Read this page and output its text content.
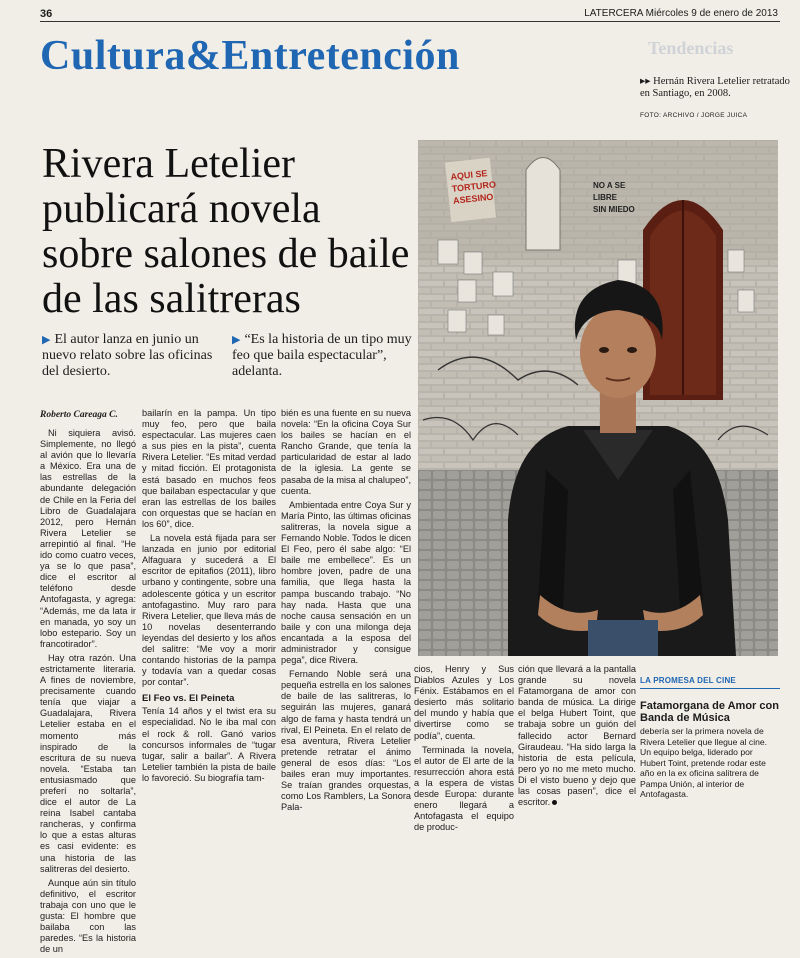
36	LATERCERA Miércoles 9 de enero de 2013
Cultura&Entretención	Tendencias
▸▸ Hernán Rivera Letelier retratado en Santiago, en 2008.
FOTO: ARCHIVO / JORGE JUICA
Rivera Letelier publicará novela sobre salones de baile de las salitreras
▶ El autor lanza en junio un nuevo relato sobre las oficinas del desierto.
▶ “Es la historia de un tipo muy feo que baila espectacular”, adelanta.
Roberto Careaga C.

Ni siquiera avisó. Simplemente, no llegó al avión que lo llevaría a México. Era una de las estrellas de la abundante delegación de Chile en la Feria del Libro de Guadalajara 2012, pero Hernán Rivera Letelier se arrepintió al final. “He ido como cuatro veces, ya se lo que pasa”, dice el escritor al teléfono desde Antofagasta, y agrega: “Además, me da lata ir en manada, yo soy un lobo estepario. Soy un francotirador”.

Hay otra razón. Una estrictamente literaria. A fines de noviembre, precisamente cuando tenía que viajar a Guadalajara, Rivera Letelier estaba en el momento más inspirado de la escritura de su nueva novela. “Estaba tan entusiasmado que preferí no soltarla”, dice el autor de La reina Isabel cantaba rancheras, y confirma lo que a estas alturas es casi evidente: es una historia de las salitreras del desierto.

Aunque aún sin título definitivo, el escritor trabaja con uno que le gusta: El hombre que bailaba con las paredes. “Es la historia de un

bailarín en la pampa. Un tipo muy feo, pero que baila espectacular. Las mujeres caen a sus pies en la pista”, cuenta Rivera Letelier. “Es mitad verdad y mitad ficción. El protagonista está basado en muchos feos que bailaban espectacular y que eran las estrellas de los bailes con orquestas que se hacían en los 60”, dice.

La novela está fijada para ser lanzada en junio por editorial Alfaguara y sucederá a El escritor de epitafios (2011), libro urbano y contingente, sobre una adolescente gótica y un escritor antofagastino. Muy raro para Rivera Letelier, que lleva más de 10 novelas desenterrando leyendas del desierto y los años del salitre: “Me voy a morir contando historias de la pampa y todavía van a quedar cosas por contar”.

El Feo vs. El Peineta

Tenía 14 años y el twist era su especialidad. No le iba mal con el rock & roll. Ganó varios concursos informales de “tugar tugar, salir a bailar”. A Rivera Letelier también la pista de baile lo favoreció. Su biografía tam-

bién es una fuente en su nueva novela: “En la oficina Coya Sur los bailes se hacían en el Rancho Grande, que tenía la particularidad de estar al lado de la iglesia. La gente se pasaba de la misa al chalupeo”, cuenta.

Ambientada entre Coya Sur y María Pinto, las últimas oficinas salitreras, la novela sigue a Fernando Noble. Todos le dicen El Feo, pero él sabe algo: “El baile me embellece”. Es un hombre joven, padre de una familia, que llega hasta la pampa buscando trabajo. “No hay nada. Hasta que una noche causa sensación en un baile y con una milonga deja encantada a la esposa del administrador y consigue pega”, dice Rivera.

Fernando Noble será una pequeña estrella en los salones de baile de las salitreras, lo seguirán las mujeres, ganará algo de fama y hasta tendrá un rival, El Peineta. En el relato de esa aventura, Rivera Letelier pretende retratar el ánimo general de esos días: “Los bailes eran muy importantes. Se traían grandes orquestas, como Los Ramblers, La Sonora Pala-

AQUI SE
TORTURO
ASESINO
NO A SE
LIBRE
SIN MIEDO

cios, Henry y Sus Diablos Azules y Los Fénix. Estábamos en el desierto más solitario del mundo y había que divertirse como se podía”, cuenta.

Terminada la novela, el autor de El arte de la resurrección ahora está a la espera de vistas desde Europa: durante enero llegará a Antofagasta el equipo de produc-

ción que llevará a la pantalla grande su novela Fatamorgana de amor con banda de música. La dirige el belga Hubert Toint, que trabaja sobre un guión del fallecido actor Bernard Giraudeau. “Ha sido larga la historia de esta película, pero yo no me meto mucho. Di el visto bueno y dejo que las cosas pasen”, dice el escritor.

LA PROMESA DEL CINE
Fatamorgana de Amor con Banda de Música
debería ser la primera novela de Rivera Letelier que llegue al cine. Un equipo belga, liderado por Hubert Toint, pretende rodar este año en la ex oficina salitrera de Pampa Unión, al interior de Antofagasta.
